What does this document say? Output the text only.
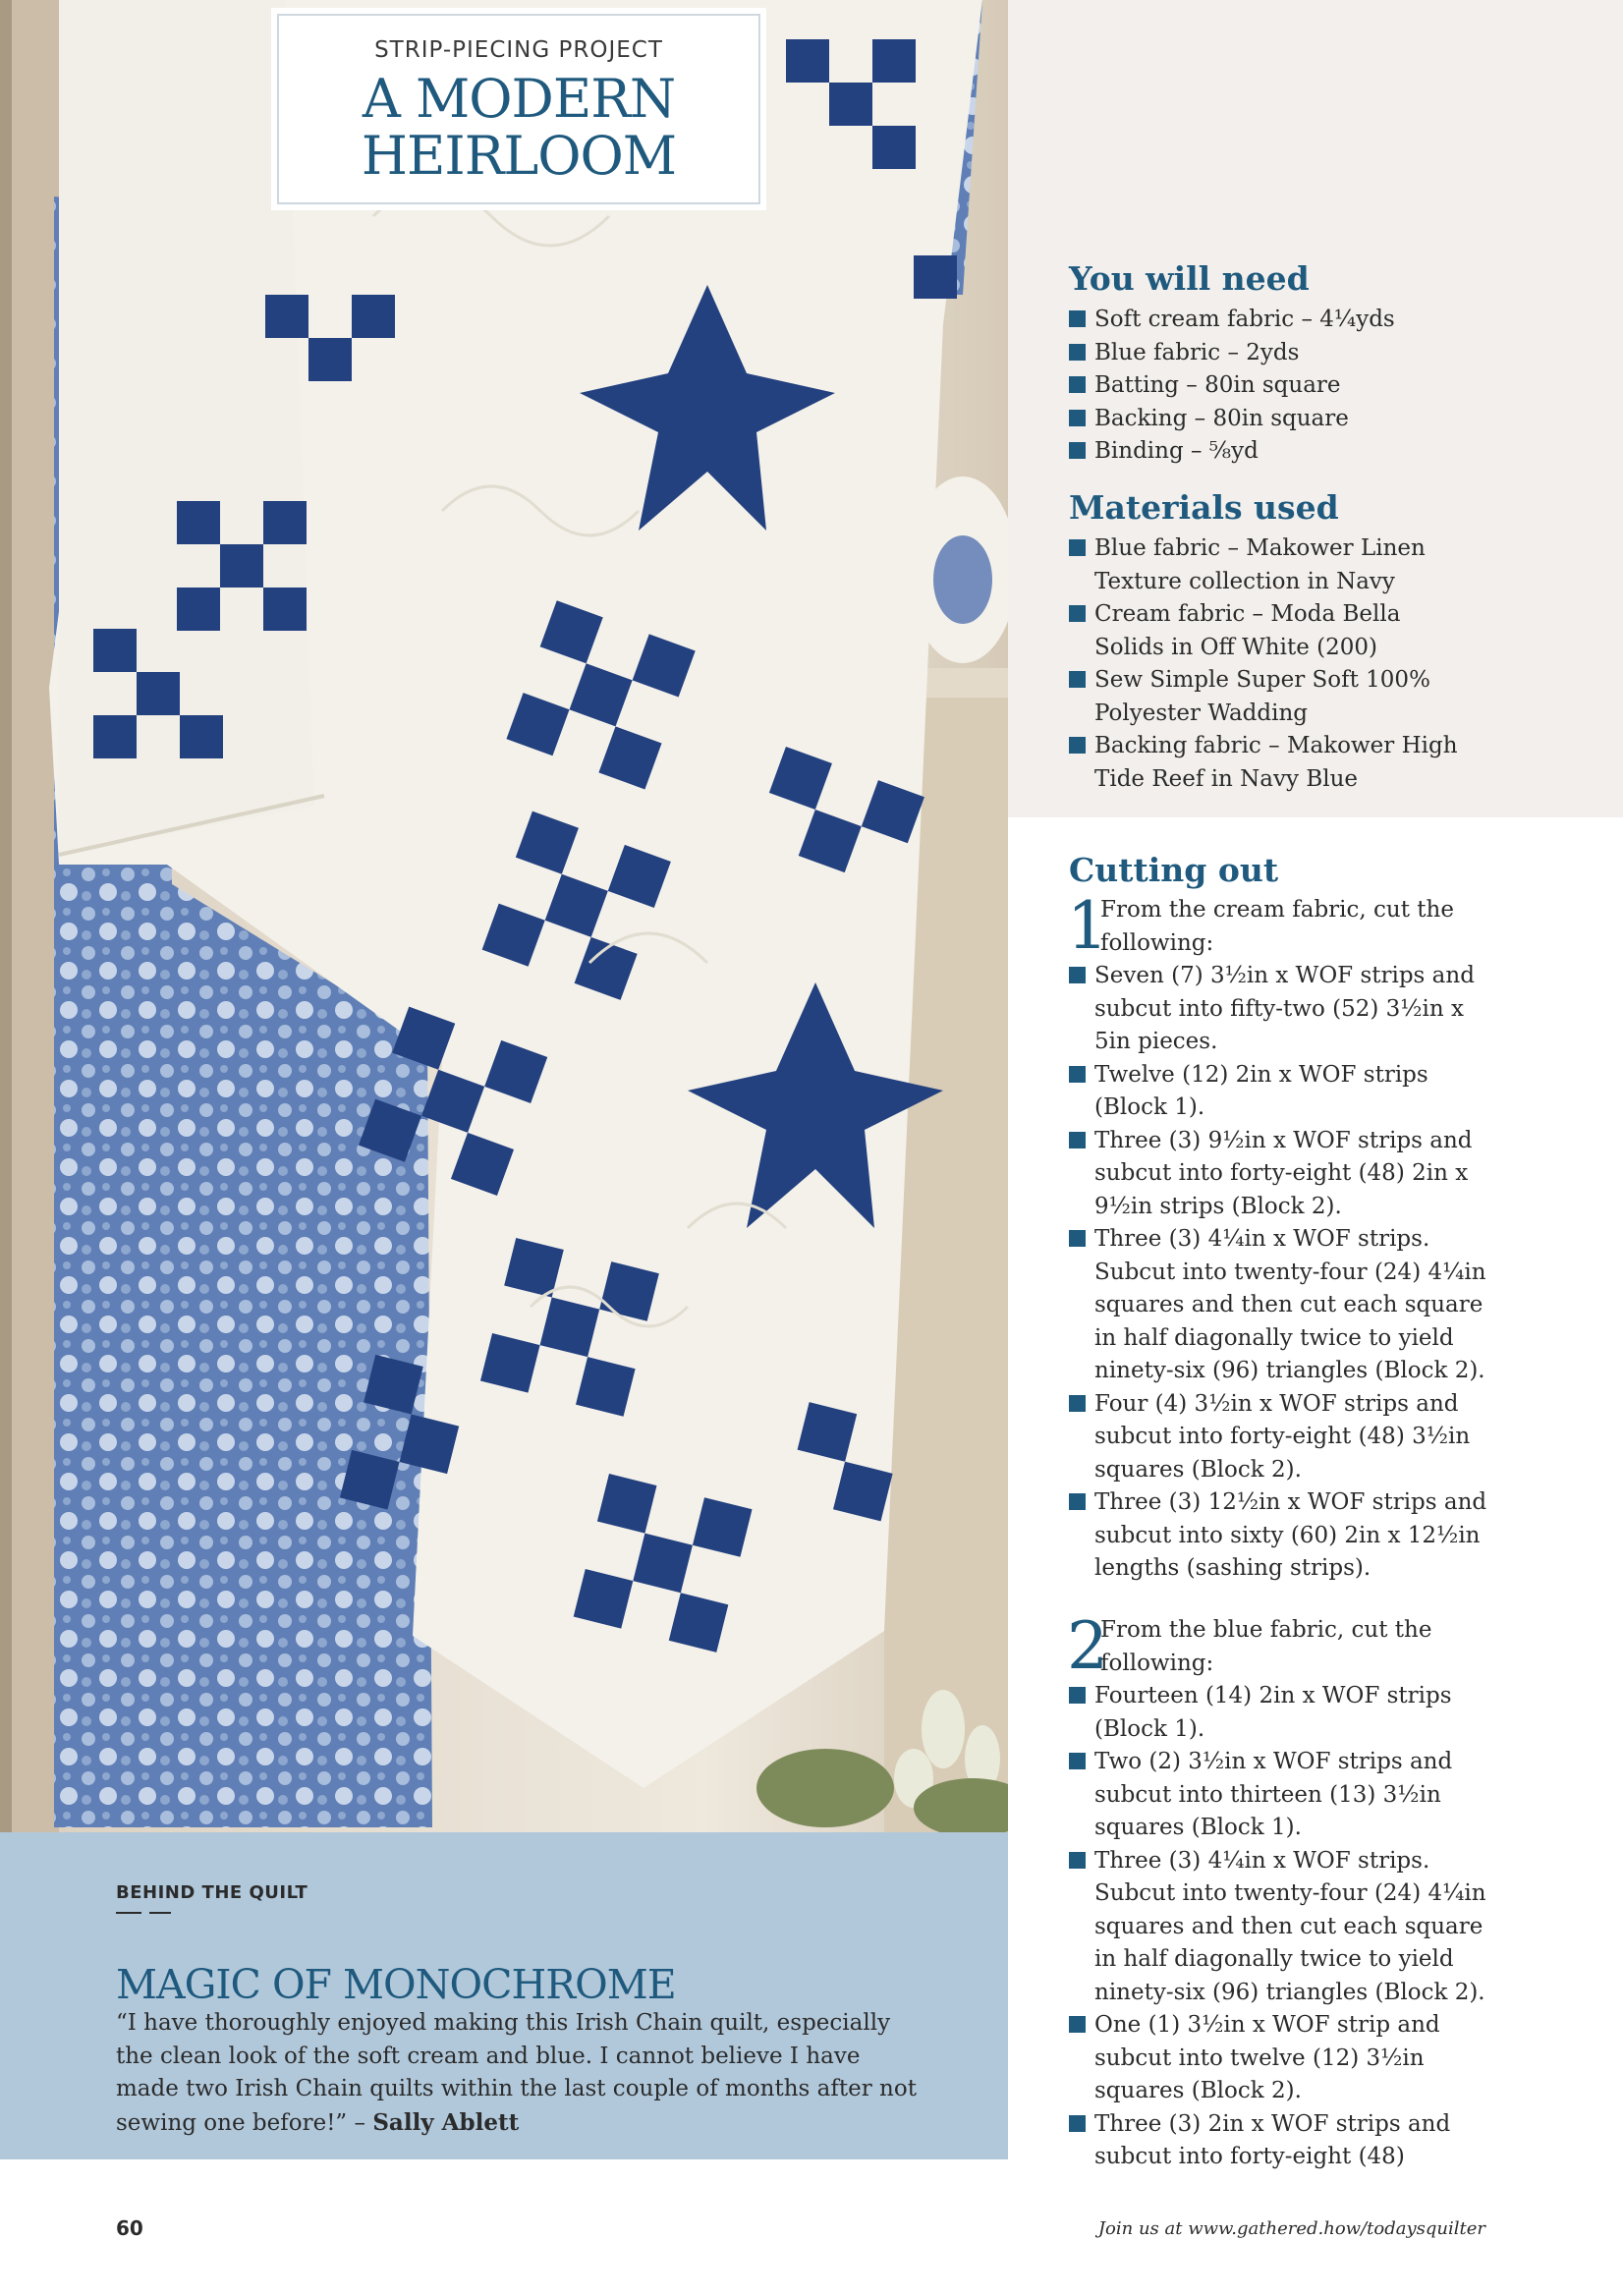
STRIP-PIECING PROJECT
A MODERN
HEIRLOOM
You will need
Soft cream fabric – 4¼yds
Blue fabric – 2yds
Batting – 80in square
Backing – 80in square
Binding – ⅝yd
Materials used
Blue fabric – Makower Linen Texture collection in Navy
Cream fabric – Moda Bella Solids in Off White (200)
Sew Simple Super Soft 100% Polyester Wadding
Backing fabric – Makower High Tide Reef in Navy Blue
Cutting out
1
From the cream fabric, cut the following:
Seven (7) 3½in x WOF strips and subcut into fifty-two (52) 3½in x 5in pieces.
Twelve (12) 2in x WOF strips (Block 1).
Three (3) 9½in x WOF strips and subcut into forty-eight (48) 2in x 9½in strips (Block 2).
Three (3) 4¼in x WOF strips. Subcut into twenty-four (24) 4¼in squares and then cut each square in half diagonally twice to yield ninety-six (96) triangles (Block 2).
Four (4) 3½in x WOF strips and subcut into forty-eight (48) 3½in squares (Block 2).
Three (3) 12½in x WOF strips and subcut into sixty (60) 2in x 12½in lengths (sashing strips).
2
From the blue fabric, cut the following:
Fourteen (14) 2in x WOF strips (Block 1).
Two (2) 3½in x WOF strips and subcut into thirteen (13) 3½in squares (Block 1).
Three (3) 4¼in x WOF strips. Subcut into twenty-four (24) 4¼in squares and then cut each square in half diagonally twice to yield ninety-six (96) triangles (Block 2).
One (1) 3½in x WOF strip and subcut into twelve (12) 3½in squares (Block 2).
Three (3) 2in x WOF strips and subcut into forty-eight (48)
BEHIND THE QUILT
MAGIC OF MONOCHROME
“I have thoroughly enjoyed making this Irish Chain quilt, especially the clean look of the soft cream and blue. I cannot believe I have made two Irish Chain quilts within the last couple of months after not sewing one before!” – Sally Ablett
60	Join us at www.gathered.how/todaysquilter
